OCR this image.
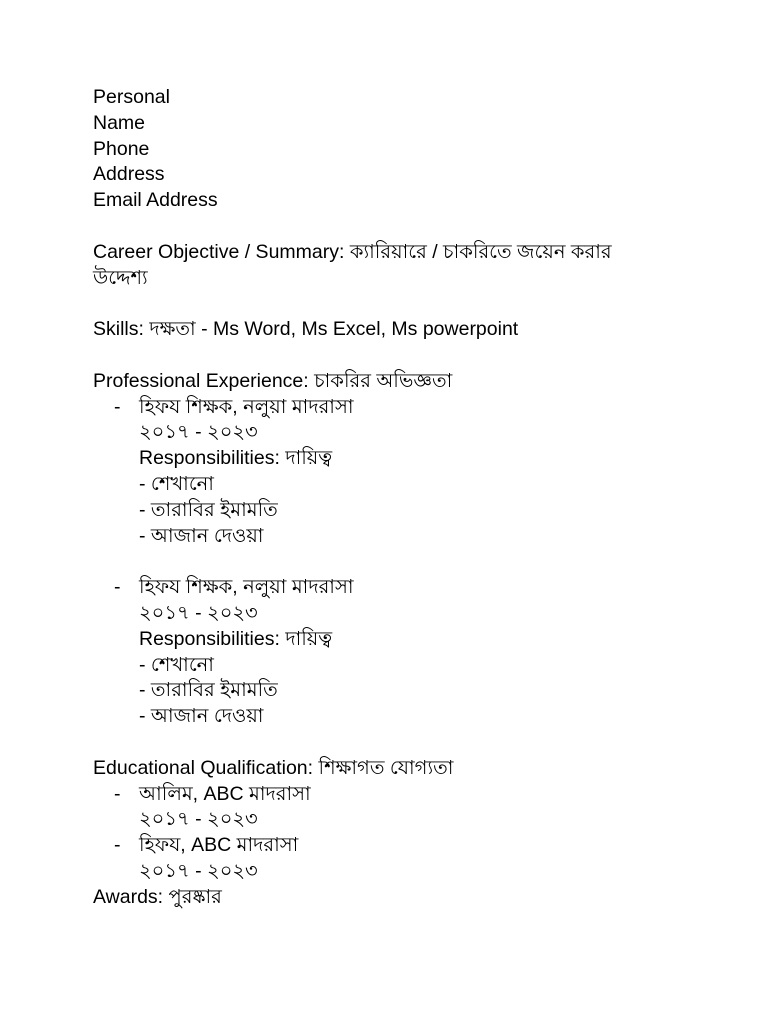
Personal
Name
Phone
Address
Email Address
Career Objective / Summary: ক্যারিয়ারে / চাকরিতে জয়েন করার উদ্দেশ্য
Skills: দক্ষতা - Ms Word, Ms Excel, Ms powerpoint
Professional Experience: চাকরির অভিজ্ঞতা
- হিফয শিক্ষক, নলুয়া মাদরাসা
২০১৭ - ২০২৩
Responsibilities: দায়িত্ব
- শেখানো
- তারাবির ইমামতি
- আজান দেওয়া
- হিফয শিক্ষক, নলুয়া মাদরাসা
২০১৭ - ২০২৩
Responsibilities: দায়িত্ব
- শেখানো
- তারাবির ইমামতি
- আজান দেওয়া
Educational Qualification: শিক্ষাগত যোগ্যতা
- আলিম, ABC মাদরাসা
২০১৭ - ২০২৩
- হিফয, ABC মাদরাসা
২০১৭ - ২০২৩
Awards: পুরষ্কার
